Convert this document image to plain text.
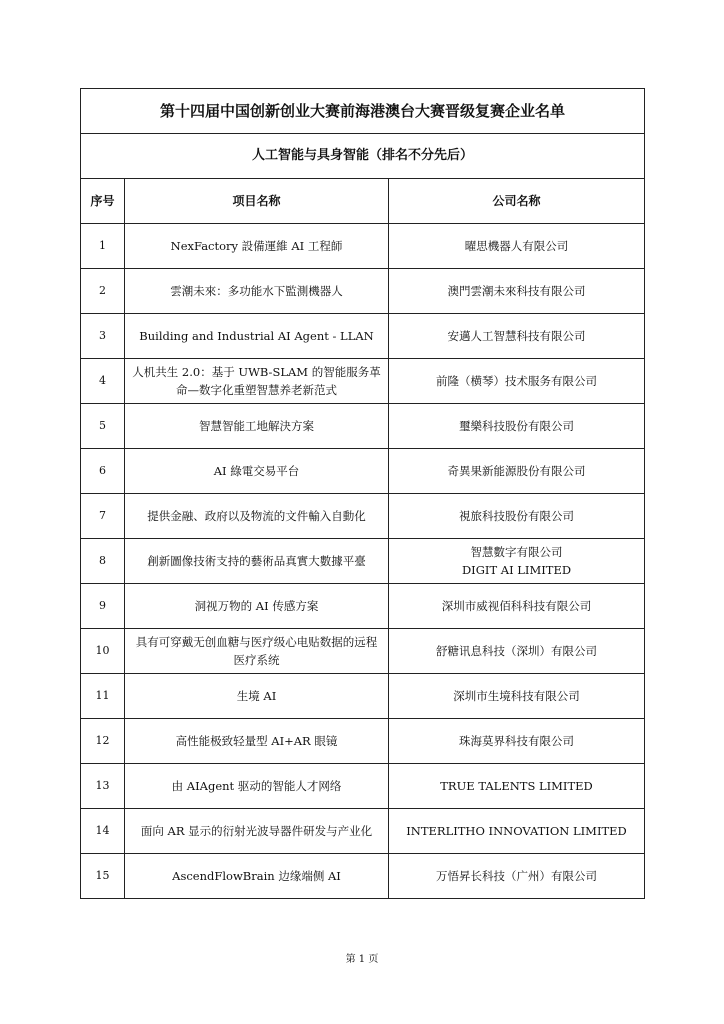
第十四届中国创新创业大赛前海港澳台大赛晋级复赛企业名单		
人工智能与具身智能（排名不分先后）		
序号	项目名称	公司名称
1	NexFactory 設備運維 AI 工程師	曜思機器人有限公司

2	雲潮未來：多功能水下監測機器人	澳門雲潮未來科技有限公司

3	Building and Industrial AI Agent - LLAN	安邁人工智慧科技有限公司

4	人机共生 2.0：基于 UWB-SLAM 的智能服务革命—数字化重塑智慧养老新范式	前隆（横琴）技术服务有限公司

5	智慧智能工地解決方案	璽樂科技股份有限公司

6	AI 綠電交易平台	奇異果新能源股份有限公司

7	提供金融、政府以及物流的文件輸入自動化	視旅科技股份有限公司

8	創新圖像技術支持的藝術品真實大數據平臺	智慧數字有限公司
DIGIT AI LIMITED

9	洞视万物的 AI 传感方案	深圳市威视佰科科技有限公司

10	具有可穿戴无创血糖与医疗级心电贴数据的远程医疗系统	舒糖讯息科技（深圳）有限公司

11	生境 AI	深圳市生境科技有限公司

12	高性能极致轻量型 AI+AR 眼镜	珠海莫界科技有限公司

13	由 AIAgent 驱动的智能人才网络	TRUE TALENTS LIMITED

14	面向 AR 显示的衍射光波导器件研发与产业化	INTERLITHO INNOVATION LIMITED

15	AscendFlowBrain 边缘端侧 AI	万悟昇长科技（广州）有限公司
第 1 页
